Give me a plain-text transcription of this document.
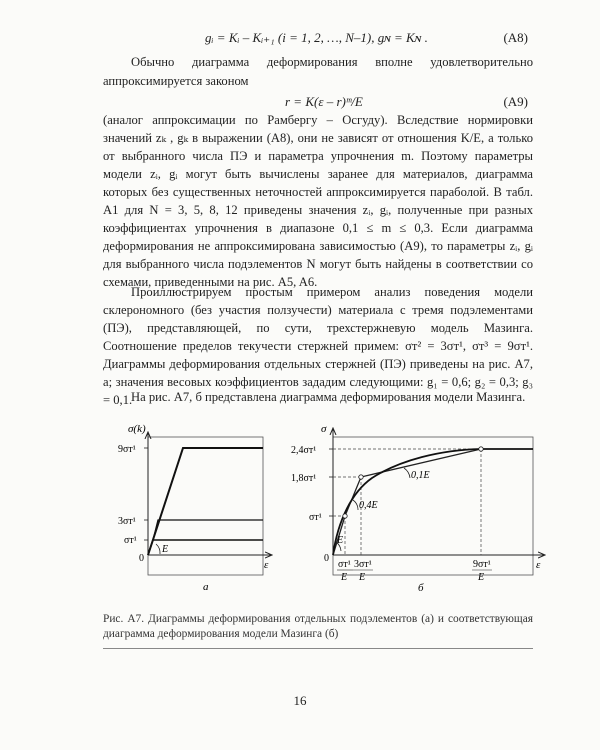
gᵢ = Kᵢ – Kᵢ₊₁ (i = 1, 2, …, N–1), gɴ = Kɴ .	(A8)

Обычно диаграмма деформирования вполне удовлетворительно аппроксимируется законом

r = K(ε – r)ᵐ/E	(A9)

(аналог аппроксимации по Рамбергу – Осгуду). Вследствие нормировки значений zₖ , gₖ в выражении (A8), они не зависят от отношения K/E, а только от выбранного числа ПЭ и параметра упрочнения m. Поэтому параметры модели zᵢ, gᵢ могут быть вычислены заранее для материалов, диаграмма которых без существенных неточностей аппроксимируется параболой. В табл. A1 для N = 3, 5, 8, 12 приведены значения zᵢ, gᵢ, полученные при разных коэффициентах упрочнения в диапазоне 0,1 ≤ m ≤ 0,3. Если диаграмма деформирования не аппроксимирована зависимостью (A9), то параметры zᵢ, gᵢ для выбранного числа подэлементов N могут быть найдены в соответствии со схемами, приведенными на рис. A5, A6.

Проиллюстрируем простым примером анализ поведения модели склерономного (без участия ползучести) материала с тремя подэлементами (ПЭ), представляющей, по сути, трехстержневую модель Мазинга. Соотношение пределов текучести стержней примем: σт² = 3σт¹, σт³ = 9σт¹. Диаграммы деформирования отдельных стержней (ПЭ) приведены на рис. A7, a; значения весовых коэффициентов зададим следующими: g₁ = 0,6; g₂ = 0,3; g₃ = 0,1.

На рис. A7, б представлена диаграмма деформирования модели Мазинга.

σ(k)
ε
9σт¹
3σт¹
σт¹
0
E
а
σ
ε
2,4σт¹
1,8σт¹
σт¹
0
б
0,1E
0,4E
E
σт¹
E
3σт¹
E
9σт¹
E

Рис. A7. Диаграммы деформирования отдельных подэлементов (а) и соответствующая диаграмма деформирования модели Мазинга (б)

16
